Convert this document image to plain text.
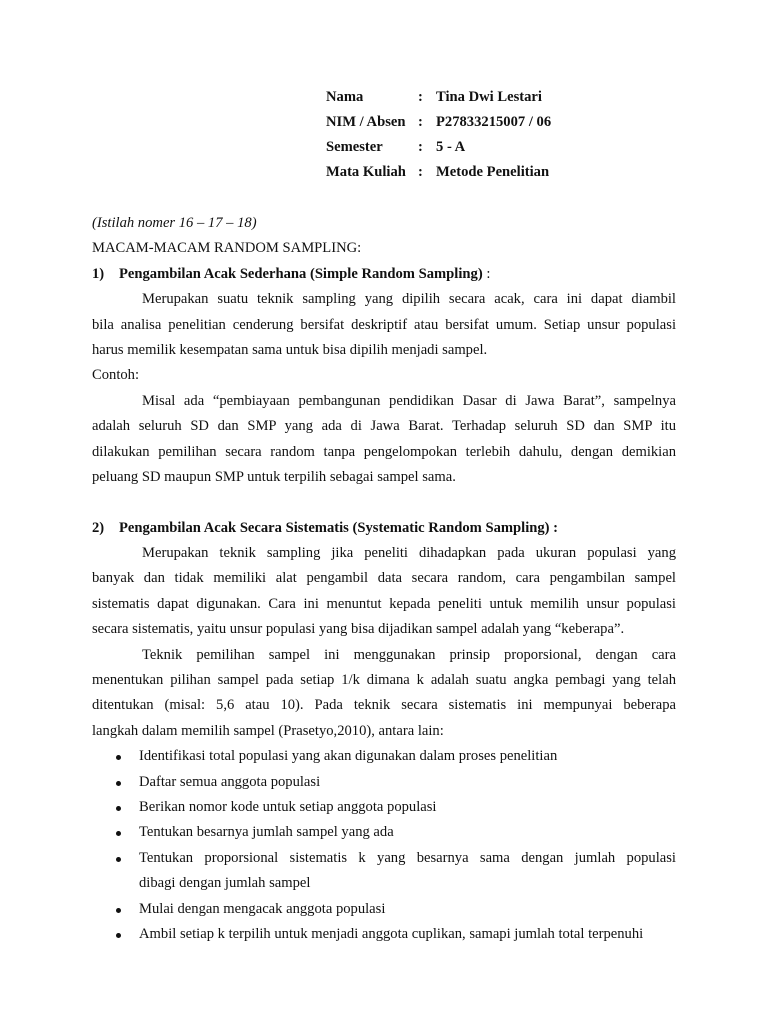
Nama	: Tina Dwi Lestari
NIM / Absen : P27833215007 / 06
Semester : 5 - A
Mata Kuliah : Metode Penelitian
(Istilah nomer 16 – 17 – 18)
MACAM-MACAM RANDOM SAMPLING:
1) Pengambilan Acak Sederhana (Simple Random Sampling) :
Merupakan suatu teknik sampling yang dipilih secara acak, cara ini dapat diambil
bila analisa penelitian cenderung bersifat deskriptif atau bersifat umum. Setiap unsur populasi
harus memilik kesempatan sama untuk bisa dipilih menjadi sampel.
Contoh:
Misal ada “pembiayaan pembangunan pendidikan Dasar di Jawa Barat”, sampelnya
adalah seluruh SD dan SMP yang ada di Jawa Barat. Terhadap seluruh SD dan SMP itu
dilakukan pemilihan secara random tanpa pengelompokan terlebih dahulu, dengan demikian
peluang SD maupun SMP untuk terpilih sebagai sampel sama.
2) Pengambilan Acak Secara Sistematis (Systematic Random Sampling) :
Merupakan teknik sampling jika peneliti dihadapkan pada ukuran populasi yang
banyak dan tidak memiliki alat pengambil data secara random, cara pengambilan sampel
sistematis dapat digunakan. Cara ini menuntut kepada peneliti untuk memilih unsur populasi
secara sistematis, yaitu unsur populasi yang bisa dijadikan sampel adalah yang “keberapa”.
Teknik pemilihan sampel ini menggunakan prinsip proporsional, dengan cara
menentukan pilihan sampel pada setiap 1/k dimana k adalah suatu angka pembagi yang telah
ditentukan (misal: 5,6 atau 10). Pada teknik secara sistematis ini mempunyai beberapa
langkah dalam memilih sampel (Prasetyo,2010), antara lain:
Identifikasi total populasi yang akan digunakan dalam proses penelitian
Daftar semua anggota populasi
Berikan nomor kode untuk setiap anggota populasi
Tentukan besarnya jumlah sampel yang ada
Tentukan proporsional sistematis k yang besarnya sama dengan jumlah populasi
dibagi dengan jumlah sampel
Mulai dengan mengacak anggota populasi
Ambil setiap k terpilih untuk menjadi anggota cuplikan, samapi jumlah total terpenuhi
